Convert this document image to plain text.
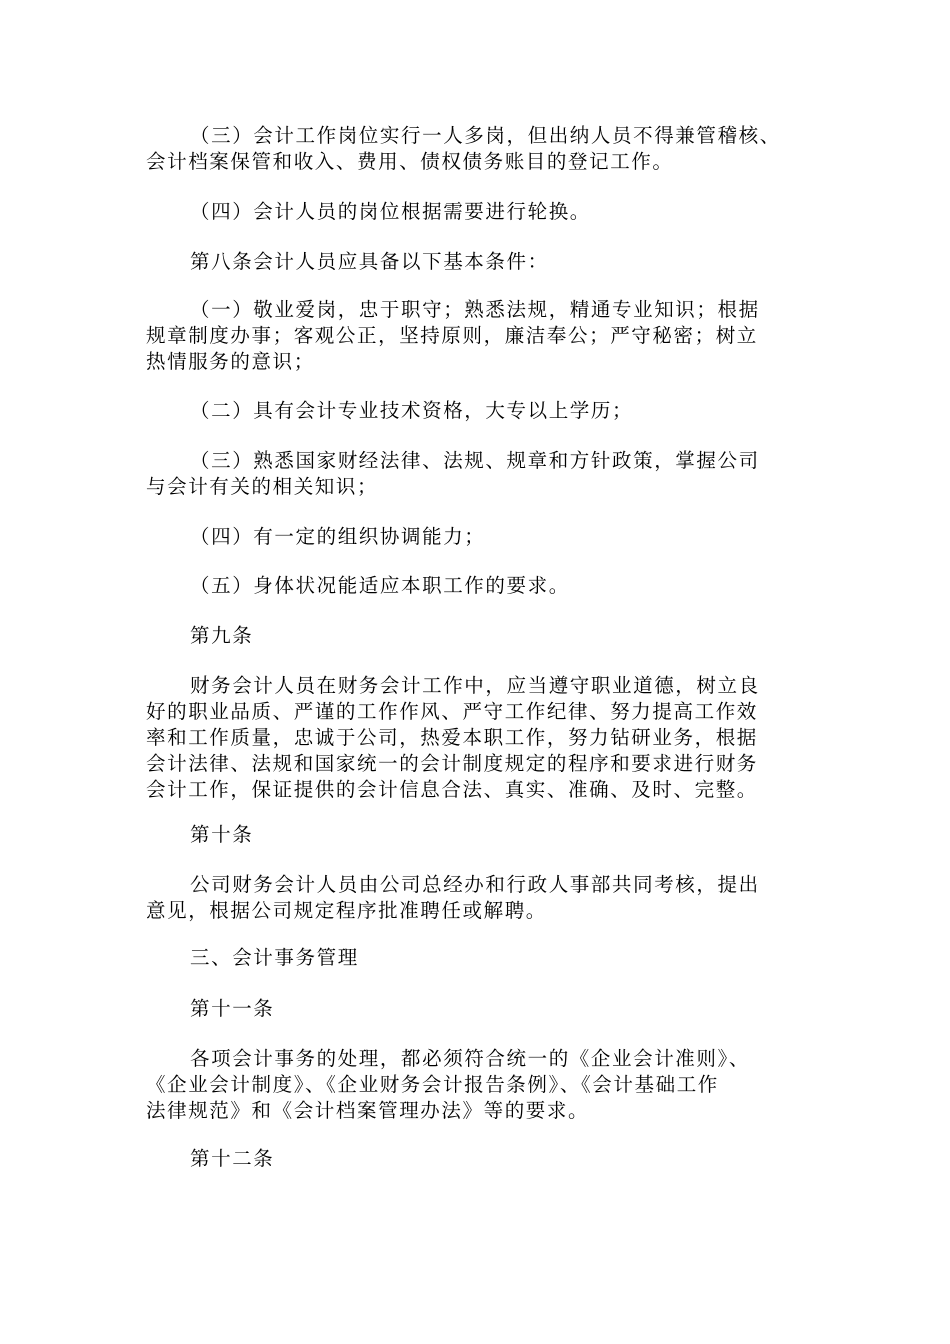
（三）会计工作岗位实行一人多岗，但出纳人员不得兼管稽核、
会计档案保管和收入、费用、债权债务账目的登记工作。
（四）会计人员的岗位根据需要进行轮换。
第八条会计人员应具备以下基本条件：
（一）敬业爱岗，忠于职守；熟悉法规，精通专业知识；根据
规章制度办事；客观公正，坚持原则，廉洁奉公；严守秘密；树立
热情服务的意识；
（二）具有会计专业技术资格，大专以上学历；
（三）熟悉国家财经法律、法规、规章和方针政策，掌握公司
与会计有关的相关知识；
（四）有一定的组织协调能力；
（五）身体状况能适应本职工作的要求。
第九条
财务会计人员在财务会计工作中，应当遵守职业道德，树立良
好的职业品质、严谨的工作作风、严守工作纪律、努力提高工作效
率和工作质量，忠诚于公司，热爱本职工作，努力钻研业务，根据
会计法律、法规和国家统一的会计制度规定的程序和要求进行财务
会计工作，保证提供的会计信息合法、真实、准确、及时、完整。
第十条
公司财务会计人员由公司总经办和行政人事部共同考核，提出
意见，根据公司规定程序批准聘任或解聘。
三、会计事务管理
第十一条
各项会计事务的处理，都必须符合统一的《企业会计准则》、
《企业会计制度》、《企业财务会计报告条例》、《会计基础工作
法律规范》和《会计档案管理办法》等的要求。
第十二条
